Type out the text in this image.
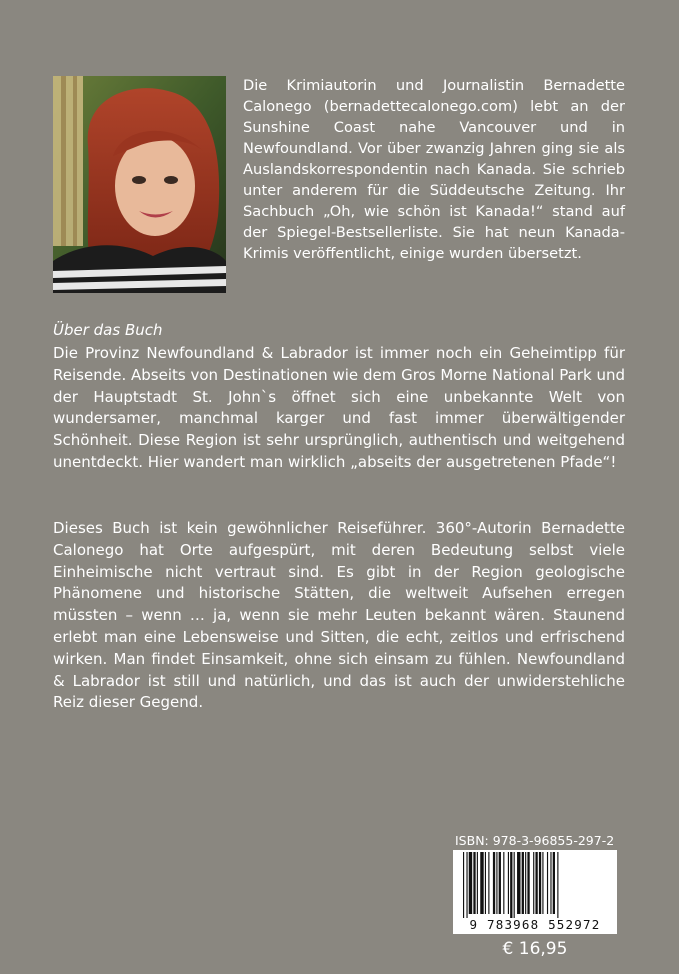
Die Krimiautorin und Journalistin Bernadette Calonego (bernadettecalonego.com) lebt an der Sunshine Coast nahe Vancouver und in Newfoundland. Vor über zwanzig Jahren ging sie als Auslandskorrespondentin nach Kanada. Sie schrieb unter anderem für die Süddeutsche Zeitung. Ihr Sachbuch „Oh, wie schön ist Kanada!“ stand auf der Spiegel-Bestsellerliste. Sie hat neun Kanada-Krimis veröffentlicht, einige wurden übersetzt.

Über das Buch

Die Provinz Newfoundland & Labrador ist immer noch ein Geheimtipp für Reisende. Abseits von Destinationen wie dem Gros Morne National Park und der Hauptstadt St. John`s öffnet sich eine unbekannte Welt von wundersamer, manchmal karger und fast immer überwältigender Schönheit. Diese Region ist sehr ursprünglich, authentisch und weitgehend unentdeckt. Hier wandert man wirklich „abseits der ausgetretenen Pfade“!

Dieses Buch ist kein gewöhnlicher Reiseführer. 360°-Autorin Bernadette Calonego hat Orte aufgespürt, mit deren Bedeutung selbst viele Einheimische nicht vertraut sind. Es gibt in der Region geologische Phänomene und historische Stätten, die weltweit Aufsehen erregen müssten – wenn … ja, wenn sie mehr Leuten bekannt wären. Staunend erlebt man eine Lebensweise und Sitten, die echt, zeitlos und erfrischend wirken. Man findet Einsamkeit, ohne sich einsam zu fühlen. Newfoundland & Labrador ist still und natürlich, und das ist auch der unwiderstehliche Reiz dieser Gegend.

ISBN: 978-3-96855-297-2

9 783968 552972

€ 16,95
